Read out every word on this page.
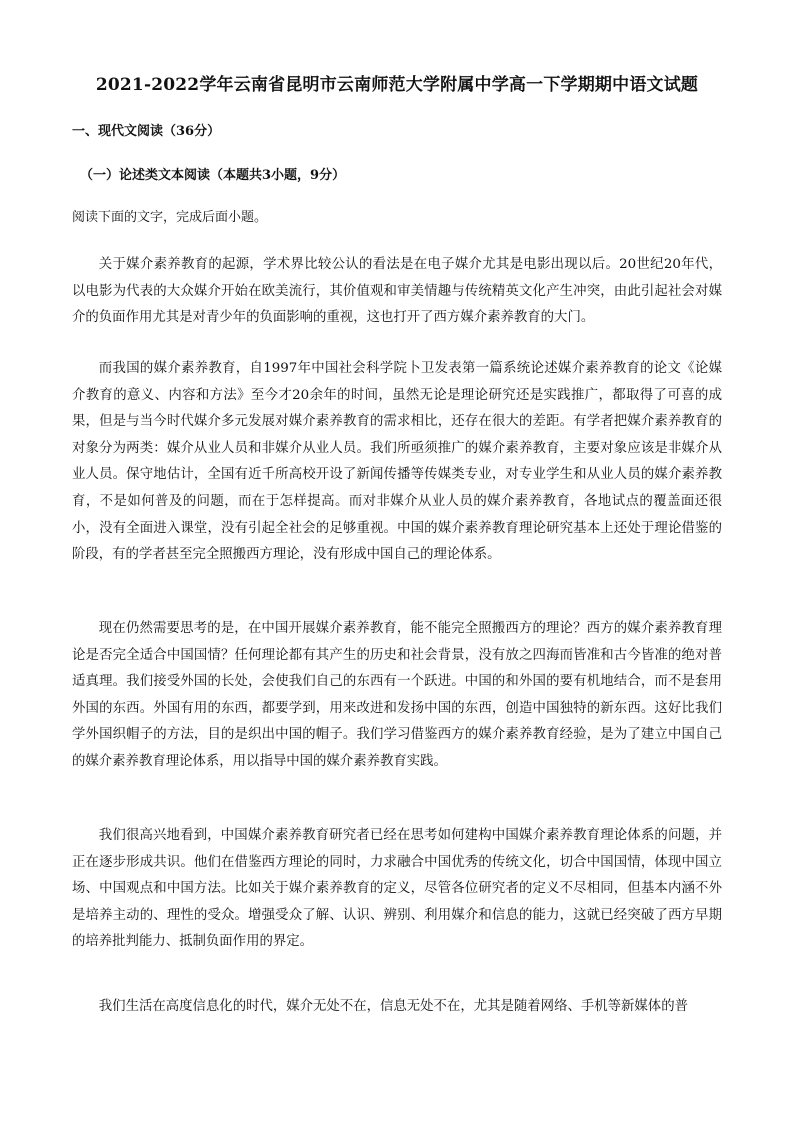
2021-2022学年云南省昆明市云南师范大学附属中学高一下学期期中语文试题
一、现代文阅读（36分）
（一）论述类文本阅读（本题共3小题，9分）
阅读下面的文字，完成后面小题。

关于媒介素养教育的起源，学术界比较公认的看法是在电子媒介尤其是电影出现以后。20世纪20年代，以电影为代表的大众媒介开始在欧美流行，其价值观和审美情趣与传统精英文化产生冲突，由此引起社会对媒介的负面作用尤其是对青少年的负面影响的重视，这也打开了西方媒介素养教育的大门。

而我国的媒介素养教育，自1997年中国社会科学院卜卫发表第一篇系统论述媒介素养教育的论文《论媒介教育的意义、内容和方法》至今才20余年的时间，虽然无论是理论研究还是实践推广，都取得了可喜的成果，但是与当今时代媒介多元发展对媒介素养教育的需求相比，还存在很大的差距。有学者把媒介素养教育的对象分为两类：媒介从业人员和非媒介从业人员。我们所亟须推广的媒介素养教育，主要对象应该是非媒介从业人员。保守地估计，全国有近千所高校开设了新闻传播等传媒类专业，对专业学生和从业人员的媒介素养教育，不是如何普及的问题，而在于怎样提高。而对非媒介从业人员的媒介素养教育，各地试点的覆盖面还很小，没有全面进入课堂，没有引起全社会的足够重视。中国的媒介素养教育理论研究基本上还处于理论借鉴的阶段，有的学者甚至完全照搬西方理论，没有形成中国自己的理论体系。

现在仍然需要思考的是，在中国开展媒介素养教育，能不能完全照搬西方的理论？西方的媒介素养教育理论是否完全适合中国国情？任何理论都有其产生的历史和社会背景，没有放之四海而皆准和古今皆准的绝对普适真理。我们接受外国的长处，会使我们自己的东西有一个跃进。中国的和外国的要有机地结合，而不是套用外国的东西。外国有用的东西，都要学到，用来改进和发扬中国的东西，创造中国独特的新东西。这好比我们学外国织帽子的方法，目的是织出中国的帽子。我们学习借鉴西方的媒介素养教育经验，是为了建立中国自己的媒介素养教育理论体系，用以指导中国的媒介素养教育实践。

我们很高兴地看到，中国媒介素养教育研究者已经在思考如何建构中国媒介素养教育理论体系的问题，并正在逐步形成共识。他们在借鉴西方理论的同时，力求融合中国优秀的传统文化，切合中国国情，体现中国立场、中国观点和中国方法。比如关于媒介素养教育的定义，尽管各位研究者的定义不尽相同，但基本内涵不外是培养主动的、理性的受众。增强受众了解、认识、辨别、利用媒介和信息的能力，这就已经突破了西方早期的培养批判能力、抵制负面作用的界定。

我们生活在高度信息化的时代，媒介无处不在，信息无处不在，尤其是随着网络、手机等新媒体的普
